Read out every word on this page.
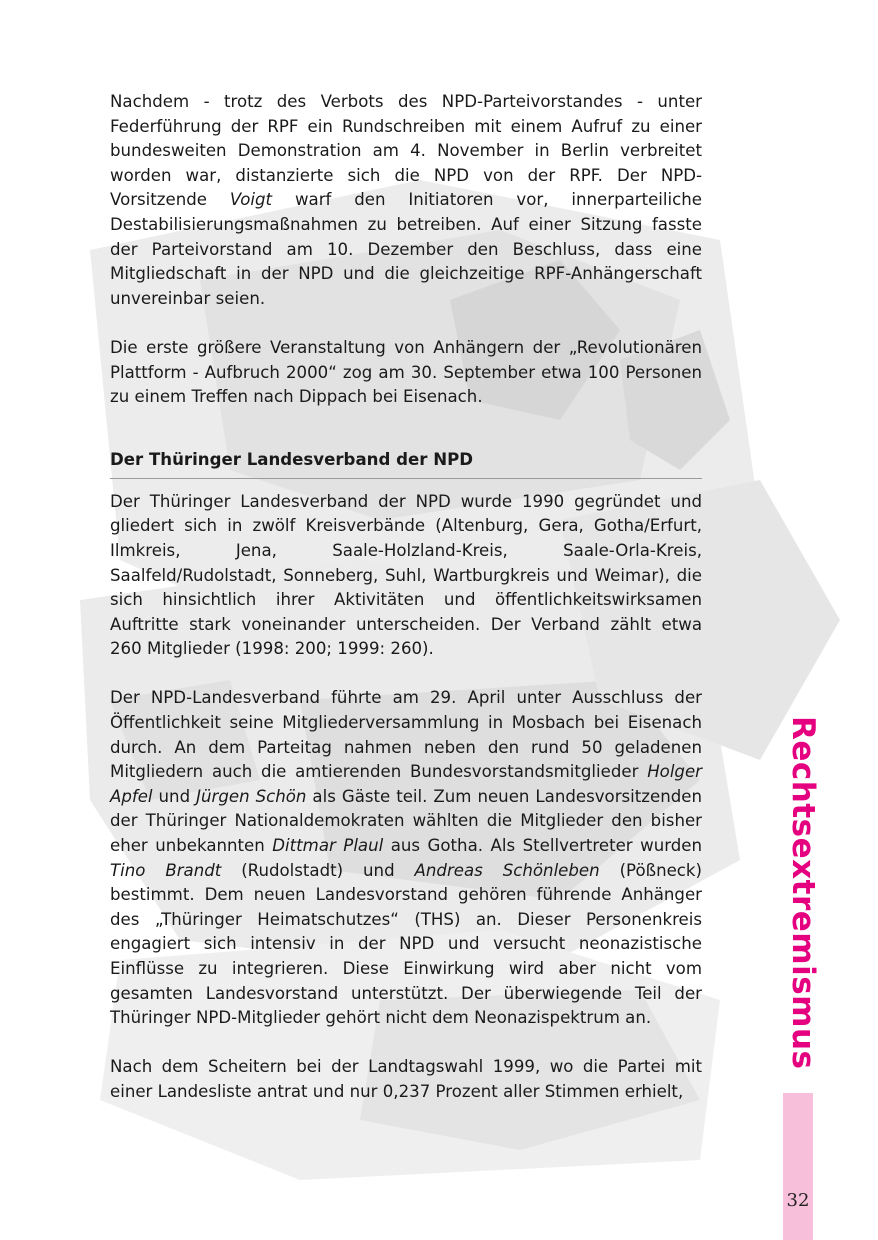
Nachdem - trotz des Verbots des NPD-Parteivorstandes - unter Federführung der RPF ein Rundschreiben mit einem Aufruf zu einer bundesweiten Demonstration am 4. November in Berlin verbreitet worden war, distanzierte sich die NPD von der RPF. Der NPD-Vorsitzende Voigt warf den Initiatoren vor, innerparteiliche Destabilisierungsmaßnahmen zu betreiben. Auf einer Sitzung fasste der Parteivorstand am 10. Dezember den Beschluss, dass eine Mitgliedschaft in der NPD und die gleichzeitige RPF-Anhängerschaft unvereinbar seien.

Die erste größere Veranstaltung von Anhängern der „Revolutionären Plattform - Aufbruch 2000“ zog am 30. September etwa 100 Personen zu einem Treffen nach Dippach bei Eisenach.

Der Thüringer Landesverband der NPD

Der Thüringer Landesverband der NPD wurde 1990 gegründet und gliedert sich in zwölf Kreisverbände (Altenburg, Gera, Gotha/Erfurt, Ilmkreis, Jena, Saale-Holzland-Kreis, Saale-Orla-Kreis, Saalfeld/Rudolstadt, Sonneberg, Suhl, Wartburgkreis und Weimar), die sich hinsichtlich ihrer Aktivitäten und öffentlichkeitswirksamen Auftritte stark voneinander unterscheiden. Der Verband zählt etwa 260 Mitglieder (1998: 200; 1999: 260).

Der NPD-Landesverband führte am 29. April unter Ausschluss der Öffentlichkeit seine Mitgliederversammlung in Mosbach bei Eisenach durch. An dem Parteitag nahmen neben den rund 50 geladenen Mitgliedern auch die amtierenden Bundesvorstandsmitglieder Holger Apfel und Jürgen Schön als Gäste teil. Zum neuen Landesvorsitzenden der Thüringer Nationaldemokraten wählten die Mitglieder den bisher eher unbekannten Dittmar Plaul aus Gotha. Als Stellvertreter wurden Tino Brandt (Rudolstadt) und Andreas Schönleben (Pößneck) bestimmt. Dem neuen Landesvorstand gehören führende Anhänger des „Thüringer Heimatschutzes“ (THS) an. Dieser Personenkreis engagiert sich intensiv in der NPD und versucht neonazistische Einflüsse zu integrieren. Diese Einwirkung wird aber nicht vom gesamten Landesvorstand unterstützt. Der überwiegende Teil der Thüringer NPD-Mitglieder gehört nicht dem Neonazispektrum an.

Nach dem Scheitern bei der Landtagswahl 1999, wo die Partei mit einer Landesliste antrat und nur 0,237 Prozent aller Stimmen erhielt,

Rechtsextremismus
32
